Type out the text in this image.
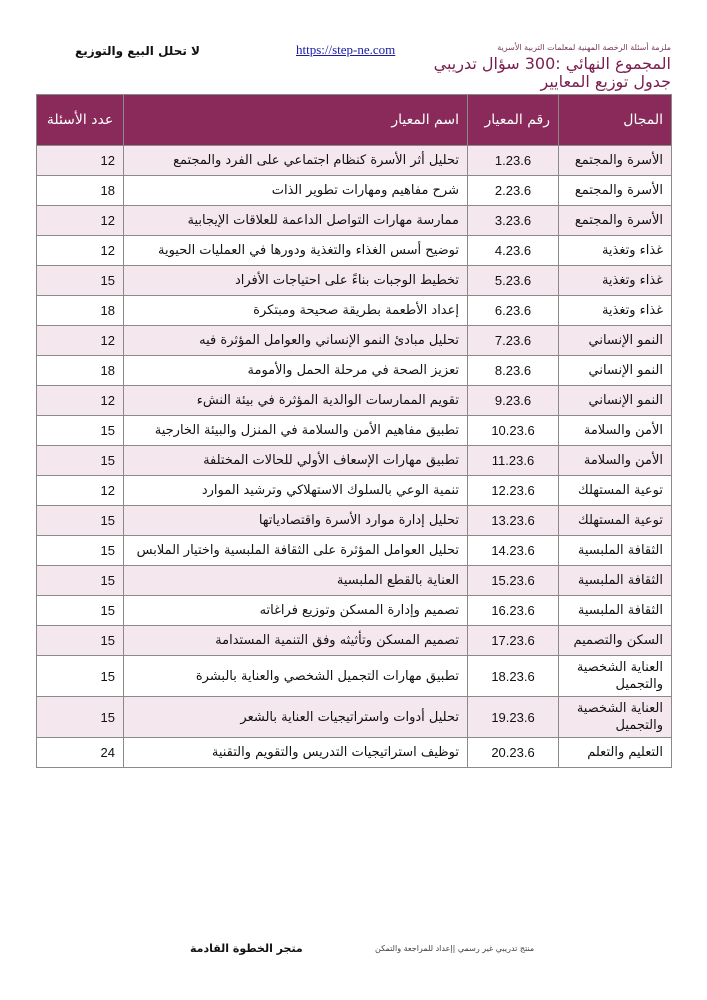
لا تحلل البيع والتوزيع	https://step-ne.com	ملزمة أسئلة الرخصة المهنية لمعلمات التربية الأسرية
المجموع النهائي :300 سؤال تدريبي
جدول توزيع المعايير
المجال	رقم المعيار	اسم المعيار	عدد الأسئلة
الأسرة والمجتمع	1.23.6	تحليل أثر الأسرة كنظام اجتماعي على الفرد والمجتمع	12
الأسرة والمجتمع	2.23.6	شرح مفاهيم ومهارات تطوير الذات	18
الأسرة والمجتمع	3.23.6	ممارسة مهارات التواصل الداعمة للعلاقات الإيجابية	12
غذاء وتغذية	4.23.6	توضيح أسس الغذاء والتغذية ودورها في العمليات الحيوية	12
غذاء وتغذية	5.23.6	تخطيط الوجبات بناءً على احتياجات الأفراد	15
غذاء وتغذية	6.23.6	إعداد الأطعمة بطريقة صحيحة ومبتكرة	18
النمو الإنساني	7.23.6	تحليل مبادئ النمو الإنساني والعوامل المؤثرة فيه	12
النمو الإنساني	8.23.6	تعزيز الصحة في مرحلة الحمل والأمومة	18
النمو الإنساني	9.23.6	تقويم الممارسات الوالدية المؤثرة في بيئة النشء	12
الأمن والسلامة	10.23.6	تطبيق مفاهيم الأمن والسلامة في المنزل والبيئة الخارجية	15
الأمن والسلامة	11.23.6	تطبيق مهارات الإسعاف الأولي للحالات المختلفة	15
توعية المستهلك	12.23.6	تنمية الوعي بالسلوك الاستهلاكي وترشيد الموارد	12
توعية المستهلك	13.23.6	تحليل إدارة موارد الأسرة واقتصادياتها	15
الثقافة الملبسية	14.23.6	تحليل العوامل المؤثرة على الثقافة الملبسية واختيار الملابس	15
الثقافة الملبسية	15.23.6	العناية بالقطع الملبسية	15
الثقافة الملبسية	16.23.6	تصميم وإدارة المسكن وتوزيع فراغاته	15
السكن والتصميم	17.23.6	تصميم المسكن وتأثيثه وفق التنمية المستدامة	15
العناية الشخصية والتجميل	18.23.6	تطبيق مهارات التجميل الشخصي والعناية بالبشرة	15
العناية الشخصية والتجميل	19.23.6	تحليل أدوات واستراتيجيات العناية بالشعر	15
التعليم والتعلم	20.23.6	توظيف استراتيجيات التدريس والتقويم والتقنية	24
متجر الخطوة القادمة	منتج تدريبي غير رسمي |إعداد للمراجعة والتمكن
